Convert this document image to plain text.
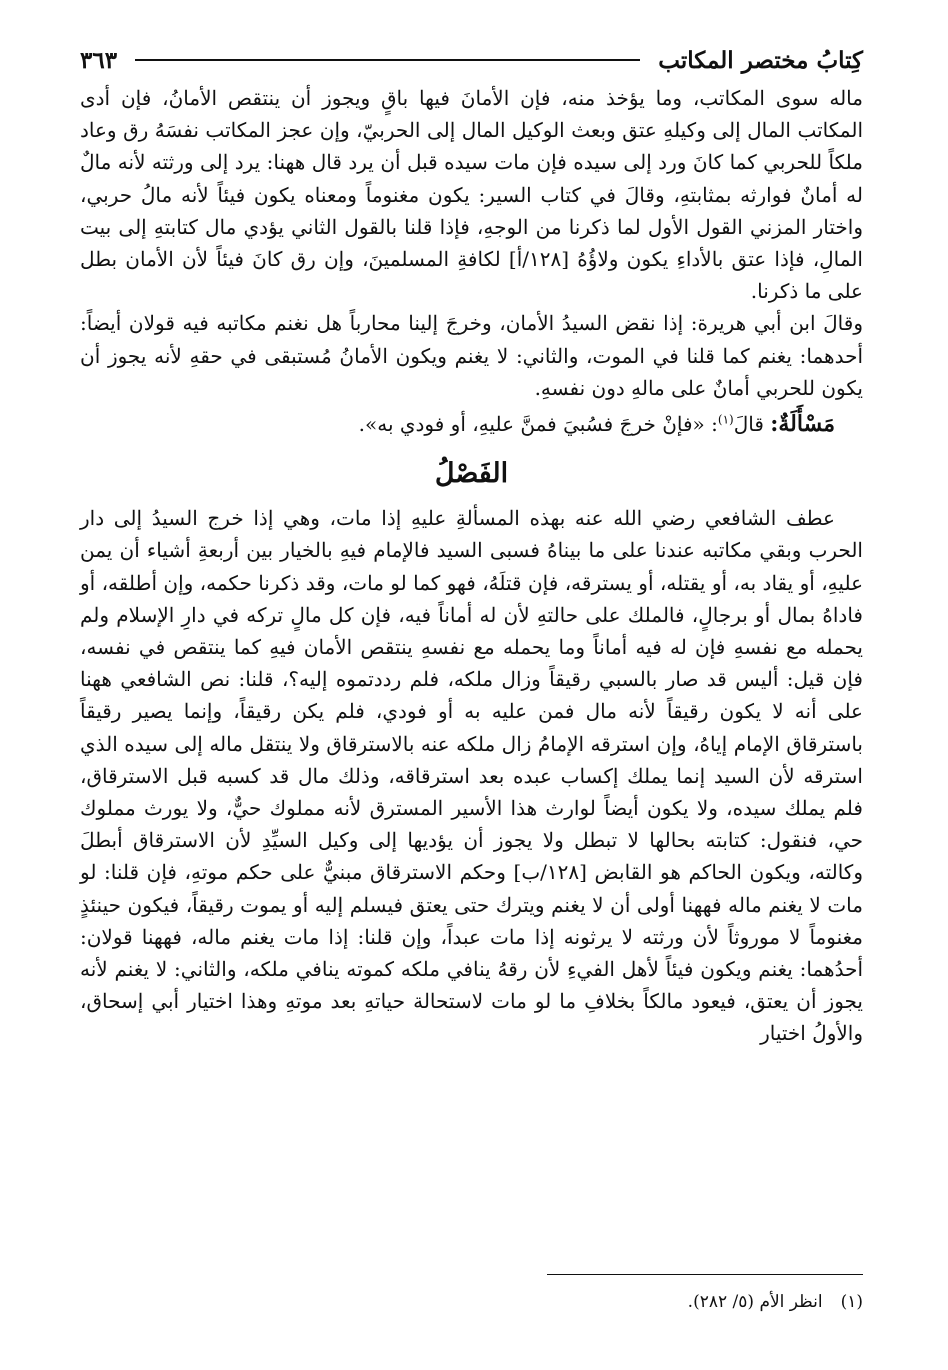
كِتابُ مختصر المكاتب
٣٦٣

ماله سوى المكاتب، وما يؤخذ منه، فإن الأمانَ فيها باقٍ ويجوز أن ينتقص الأمانُ، فإن أدى المكاتب المال إلى وكيلهِ عتق وبعث الوكيل المال إلى الحربيّ، وإن عجز المكاتب نفسَهُ رق وعاد ملكاً للحربي كما كانَ ورد إلى سيده فإن مات سيده قبل أن يرد قال ههنا: يرد إلى ورثته لأنه مالٌ له أمانٌ فوارثه بمثابتهِ، وقالَ في كتاب السير: يكون مغنوماً ومعناه يكون فيئاً لأنه مالُ حربي، واختار المزني القول الأول لما ذكرنا من الوجهِ، فإذا قلنا بالقول الثاني يؤدي مال كتابتهِ إلى بيت المالِ، فإذا عتق بالأداءِ يكون ولاؤُهُ [١٢٨/أ] لكافةِ المسلمينَ، وإن رق كانَ فيئاً لأن الأمان بطل على ما ذكرنا.

وقالَ ابن أبي هريرة: إذا نقض السيدُ الأمان، وخرجَ إلينا محارباً هل نغنم مكاتبه فيه قولان أيضاً: أحدهما: يغنم كما قلنا في الموت، والثاني: لا يغنم ويكون الأمانُ مُستبقى في حقهِ لأنه يجوز أن يكون للحربي أمانٌ على مالهِ دون نفسهِ.

مَسْأَلَةٌ: قالَ$^{(١)}$: «فإنْ خرجَ فسُبيَ فمنَّ عليهِ، أو فودي به».

الفَصْلُ

عطف الشافعي رضي الله عنه بهذه المسألةِ عليهِ إذا مات، وهي إذا خرج السيدُ إلى دار الحرب وبقي مكاتبه عندنا على ما بيناهُ فسبى السيد فالإمام فيهِ بالخيار بين أربعةِ أشياء أن يمن عليهِ، أو يقاد به، أو يقتله، أو يسترقه، فإن قتلَهُ، فهو كما لو مات، وقد ذكرنا حكمه، وإن أطلقه، أو فاداهُ بمال أو برجالٍ، فالملك على حالتهِ لأن له أماناً فيه، فإن كل مالٍ تركه في دارِ الإسلام ولم يحمله مع نفسهِ فإن له فيه أماناً وما يحمله مع نفسهِ ينتقص الأمان فيهِ كما ينتقص في نفسه، فإن قيل: أليس قد صار بالسبي رقيقاً وزال ملكه، فلم رددتموه إليه؟، قلنا: نص الشافعي ههنا على أنه لا يكون رقيقاً لأنه مال فمن عليه به أو فودي، فلم يكن رقيقاً، وإنما يصير رقيقاً باسترقاق الإمام إياهُ، وإن استرقه الإمامُ زال ملكه عنه بالاسترقاق ولا ينتقل ماله إلى سيده الذي استرقه لأن السيد إنما يملك إكساب عبده بعد استرقاقه، وذلك مال قد كسبه قبل الاسترقاق، فلم يملك سيده، ولا يكون أيضاً لوارث هذا الأسير المسترق لأنه مملوك حيٌّ، ولا يورث مملوك حي، فنقول: كتابته بحالها لا تبطل ولا يجوز أن يؤديها إلى وكيل السيِّدِ لأن الاسترقاق أبطلَ وكالته، ويكون الحاكم هو القابض [١٢٨/ب] وحكم الاسترقاق مبنيٌّ على حكم موتهِ، فإن قلنا: لو مات لا يغنم ماله فههنا أولى أن لا يغنم ويترك حتى يعتق فيسلم إليه أو يموت رقيقاً، فيكون حينئذٍ مغنوماً لا موروثاً لأن ورثته لا يرثونه إذا مات عبداً، وإن قلنا: إذا مات يغنم ماله، فههنا قولان: أحدُهما: يغنم ويكون فيئاً لأهل الفيءِ لأن رقهُ ينافي ملكه كموته ينافي ملكه، والثاني: لا يغنم لأنه يجوز أن يعتق، فيعود مالكاً بخلافِ ما لو مات لاستحالة حياتهِ بعد موتهِ وهذا اختيار أبي إسحاق، والأولُ اختيار

(١)انظر الأم (٥/ ٢٨٢).
